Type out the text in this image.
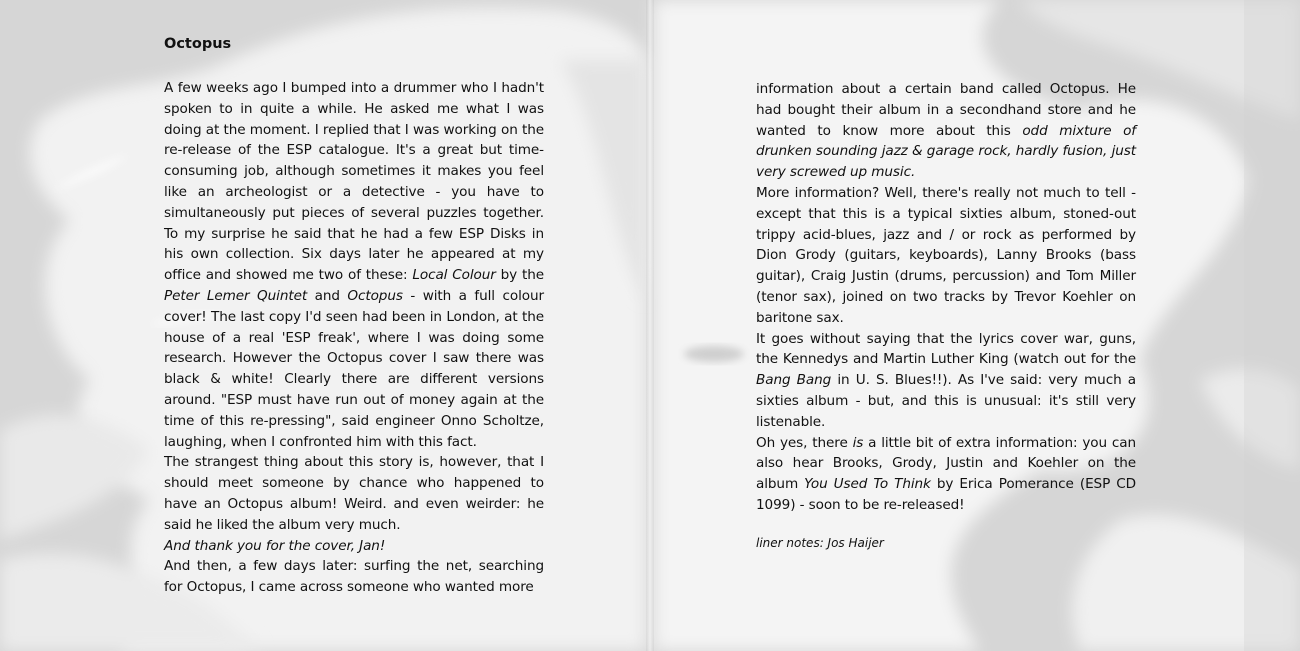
Octopus

A few weeks ago I bumped into a drummer who I hadn't spoken to in quite a while. He asked me what I was doing at the moment. I replied that I was working on the re-release of the ESP catalogue. It's a great but time-consuming job, although sometimes it makes you feel like an archeologist or a detective - you have to simultaneously put pieces of several puzzles together. To my surprise he said that he had a few ESP Disks in his own collection. Six days later he appeared at my office and showed me two of these: Local Colour by the Peter Lemer Quintet and Octopus - with a full colour cover! The last copy I'd seen had been in London, at the house of a real 'ESP freak', where I was doing some research. However the Octopus cover I saw there was black & white! Clearly there are different versions around. "ESP must have run out of money again at the time of this re-pressing", said engineer Onno Scholtze, laughing, when I confronted him with this fact.

The strangest thing about this story is, however, that I should meet someone by chance who happened to have an Octopus album! Weird. and even weirder: he said he liked the album very much.

And thank you for the cover, Jan!

And then, a few days later: surfing the net, searching for Octopus, I came across someone who wanted more

information about a certain band called Octopus. He had bought their album in a secondhand store and he wanted to know more about this odd mixture of drunken sounding jazz & garage rock, hardly fusion, just very screwed up music.

More information? Well, there's really not much to tell - except that this is a typical sixties album, stoned-out trippy acid-blues, jazz and / or rock as performed by Dion Grody (guitars, keyboards), Lanny Brooks (bass guitar), Craig Justin (drums, percussion) and Tom Miller (tenor sax), joined on two tracks by Trevor Koehler on baritone sax.

It goes without saying that the lyrics cover war, guns, the Kennedys and Martin Luther King (watch out for the Bang Bang in U. S. Blues!!). As I've said: very much a sixties album - but, and this is unusual: it's still very listenable.

Oh yes, there is a little bit of extra information: you can also hear Brooks, Grody, Justin and Koehler on the album You Used To Think by Erica Pomerance (ESP CD 1099) - soon to be re-released!

liner notes: Jos Haijer
